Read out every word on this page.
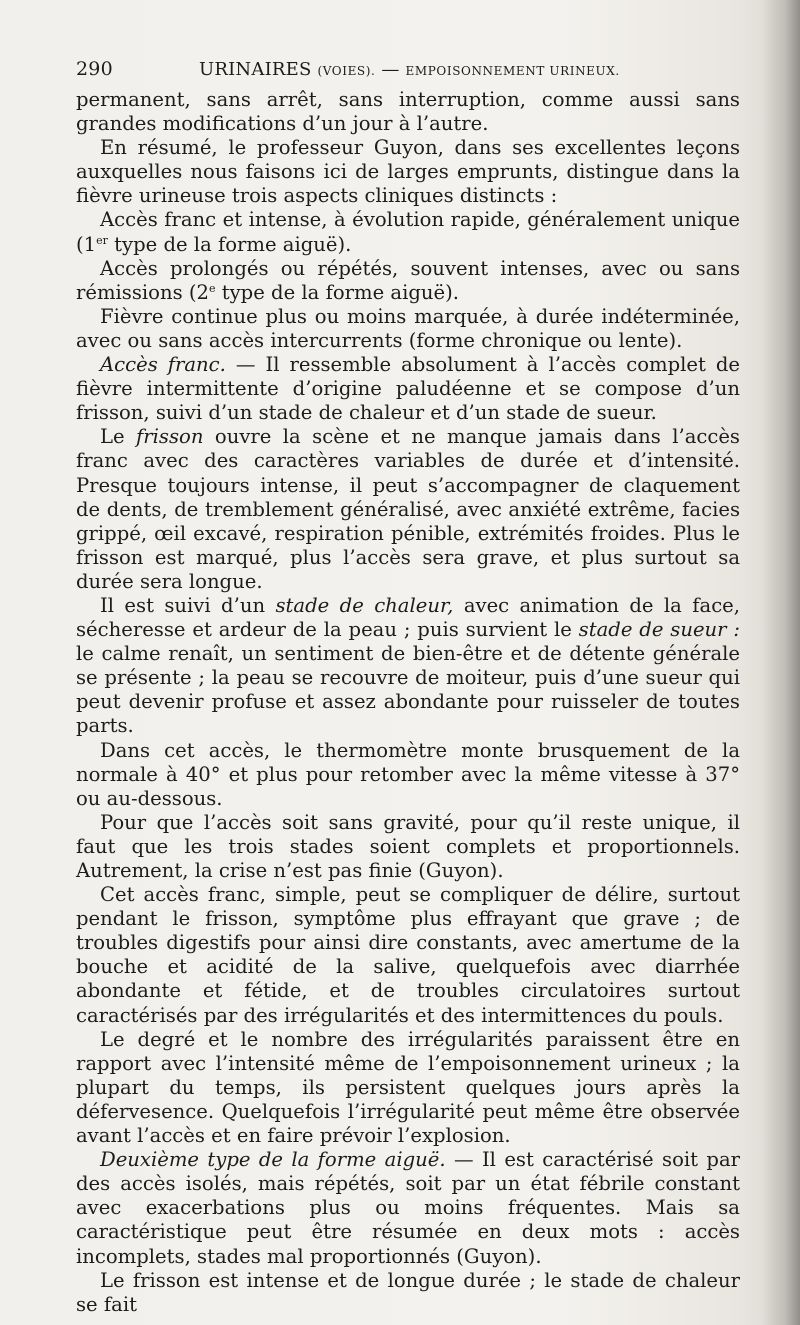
290	URINAIRES (VOIES). — EMPOISONNEMENT URINEUX.

permanent, sans arrêt, sans interruption, comme aussi sans grandes modifications d’un jour à l’autre.

En résumé, le professeur Guyon, dans ses excellentes leçons auxquelles nous faisons ici de larges emprunts, distingue dans la fièvre urineuse trois aspects cliniques distincts :

Accès franc et intense, à évolution rapide, généralement unique (1er type de la forme aiguë).

Accès prolongés ou répétés, souvent intenses, avec ou sans rémissions (2e type de la forme aiguë).

Fièvre continue plus ou moins marquée, à durée indéterminée, avec ou sans accès intercurrents (forme chronique ou lente).

Accès franc. — Il ressemble absolument à l’accès complet de fièvre intermittente d’origine paludéenne et se compose d’un frisson, suivi d’un stade de chaleur et d’un stade de sueur.

Le frisson ouvre la scène et ne manque jamais dans l’accès franc avec des caractères variables de durée et d’intensité. Presque toujours intense, il peut s’accompagner de claquement de dents, de tremblement généralisé, avec anxiété extrême, facies grippé, œil excavé, respiration pénible, extrémités froides. Plus le frisson est marqué, plus l’accès sera grave, et plus surtout sa durée sera longue.

Il est suivi d’un stade de chaleur, avec animation de la face, sécheresse et ardeur de la peau ; puis survient le stade de sueur : le calme renaît, un sentiment de bien-être et de détente générale se présente ; la peau se recouvre de moiteur, puis d’une sueur qui peut devenir profuse et assez abondante pour ruisseler de toutes parts.

Dans cet accès, le thermomètre monte brusquement de la normale à 40° et plus pour retomber avec la même vitesse à 37° ou au-dessous.

Pour que l’accès soit sans gravité, pour qu’il reste unique, il faut que les trois stades soient complets et proportionnels. Autrement, la crise n’est pas finie (Guyon).

Cet accès franc, simple, peut se compliquer de délire, surtout pendant le frisson, symptôme plus effrayant que grave ; de troubles digestifs pour ainsi dire constants, avec amertume de la bouche et acidité de la salive, quelquefois avec diarrhée abondante et fétide, et de troubles circulatoires surtout caractérisés par des irrégularités et des intermittences du pouls.

Le degré et le nombre des irrégularités paraissent être en rapport avec l’intensité même de l’empoisonnement urineux ; la plupart du temps, ils persistent quelques jours après la défervesence. Quelquefois l’irrégularité peut même être observée avant l’accès et en faire prévoir l’explosion.

Deuxième type de la forme aiguë. — Il est caractérisé soit par des accès isolés, mais répétés, soit par un état fébrile constant avec exacerbations plus ou moins fréquentes. Mais sa caractéristique peut être résumée en deux mots : accès incomplets, stades mal proportionnés (Guyon).

Le frisson est intense et de longue durée ; le stade de chaleur se fait
